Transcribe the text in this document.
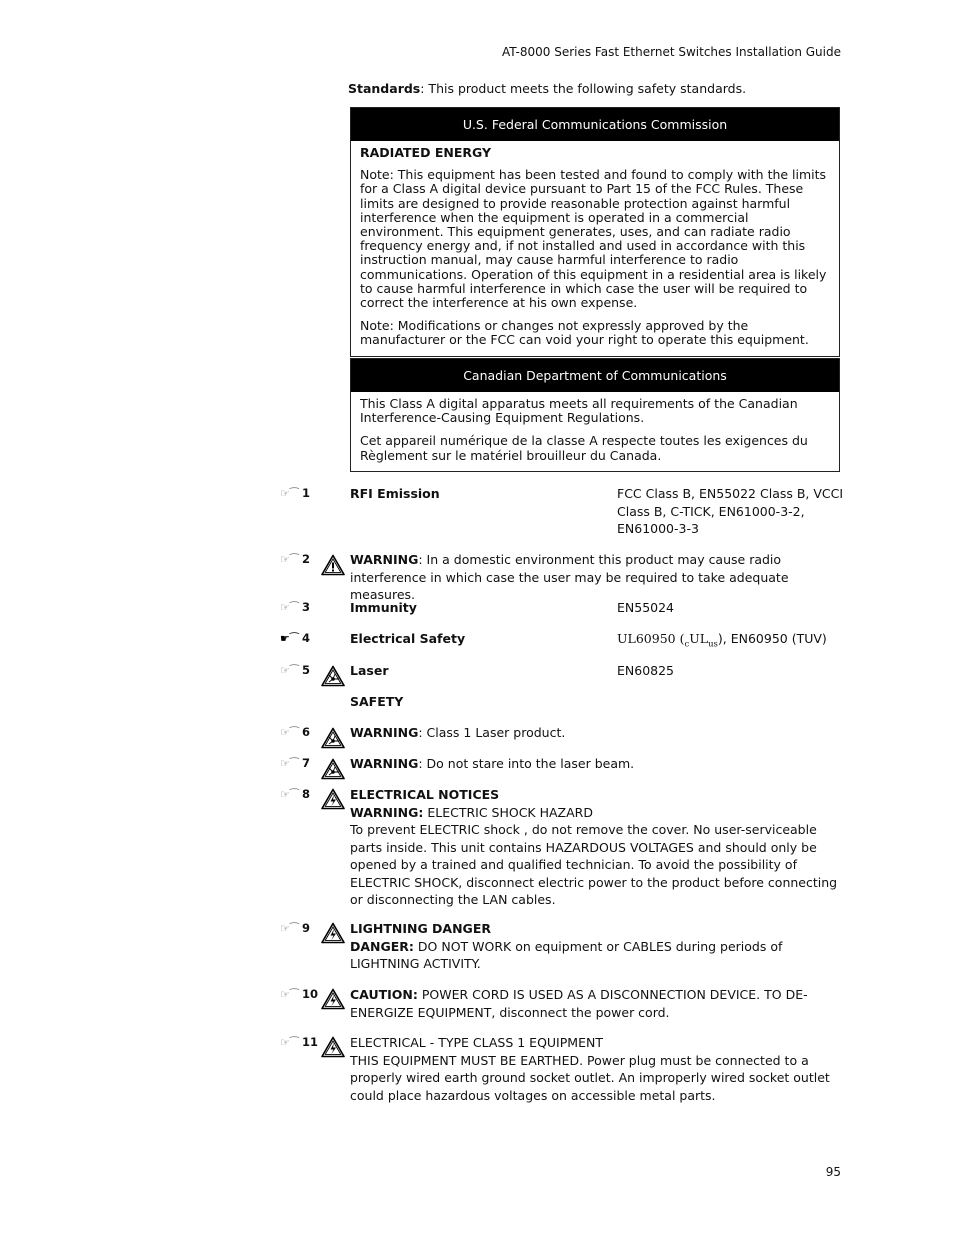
AT-8000 Series Fast Ethernet Switches Installation Guide
Standards: This product meets the following safety standards.
U.S. Federal Communications Commission

RADIATED ENERGY

Note: This equipment has been tested and found to comply with the limits for a Class A digital device pursuant to Part 15 of the FCC Rules. These limits are designed to provide reasonable protection against harmful interference when the equipment is operated in a commercial environment. This equipment generates, uses, and can radiate radio frequency energy and, if not installed and used in accordance with this instruction manual, may cause harmful interference to radio communications. Operation of this equipment in a residential area is likely to cause harmful interference in which case the user will be required to correct the interference at his own expense.

Note: Modifications or changes not expressly approved by the manufacturer or the FCC can void your right to operate this equipment.

Canadian Department of Communications

This Class A digital apparatus meets all requirements of the Canadian Interference-Causing Equipment Regulations.

Cet appareil numérique de la classe A respecte toutes les exigences du Règlement sur le matériel brouilleur du Canada.

☞⁀ 1	RFI Emission	FCC Class B, EN55022 Class B, VCCI Class B, C-TICK, EN61000-3-2, EN61000-3-3
☞⁀ 2	WARNING: In a domestic environment this product may cause radio interference in which case the user may be required to take adequate measures.
☞⁀ 3	Immunity	EN55024
☛⁀ 4	Electrical Safety	UL60950 $(_cUL_{us})$, EN60950 (TUV)
☞⁀ 5	Laser	EN60825
SAFETY
☞⁀ 6	WARNING: Class 1 Laser product.
☞⁀ 7	WARNING: Do not stare into the laser beam.
☞⁀ 8	ELECTRICAL NOTICES
WARNING: ELECTRIC SHOCK HAZARD
To prevent ELECTRIC shock , do not remove the cover. No user-serviceable parts inside. This unit contains HAZARDOUS VOLTAGES and should only be opened by a trained and qualified technician. To avoid the possibility of ELECTRIC SHOCK, disconnect electric power to the product before connecting or disconnecting the LAN cables.
☞⁀ 9	LIGHTNING DANGER
DANGER: DO NOT WORK on equipment or CABLES during periods of LIGHTNING ACTIVITY.
☞⁀ 10	CAUTION: POWER CORD IS USED AS A DISCONNECTION DEVICE. TO DE-ENERGIZE EQUIPMENT, disconnect the power cord.
☞⁀ 11	ELECTRICAL - TYPE CLASS 1 EQUIPMENT
THIS EQUIPMENT MUST BE EARTHED. Power plug must be connected to a properly wired earth ground socket outlet. An improperly wired socket outlet could place hazardous voltages on accessible metal parts.
95
